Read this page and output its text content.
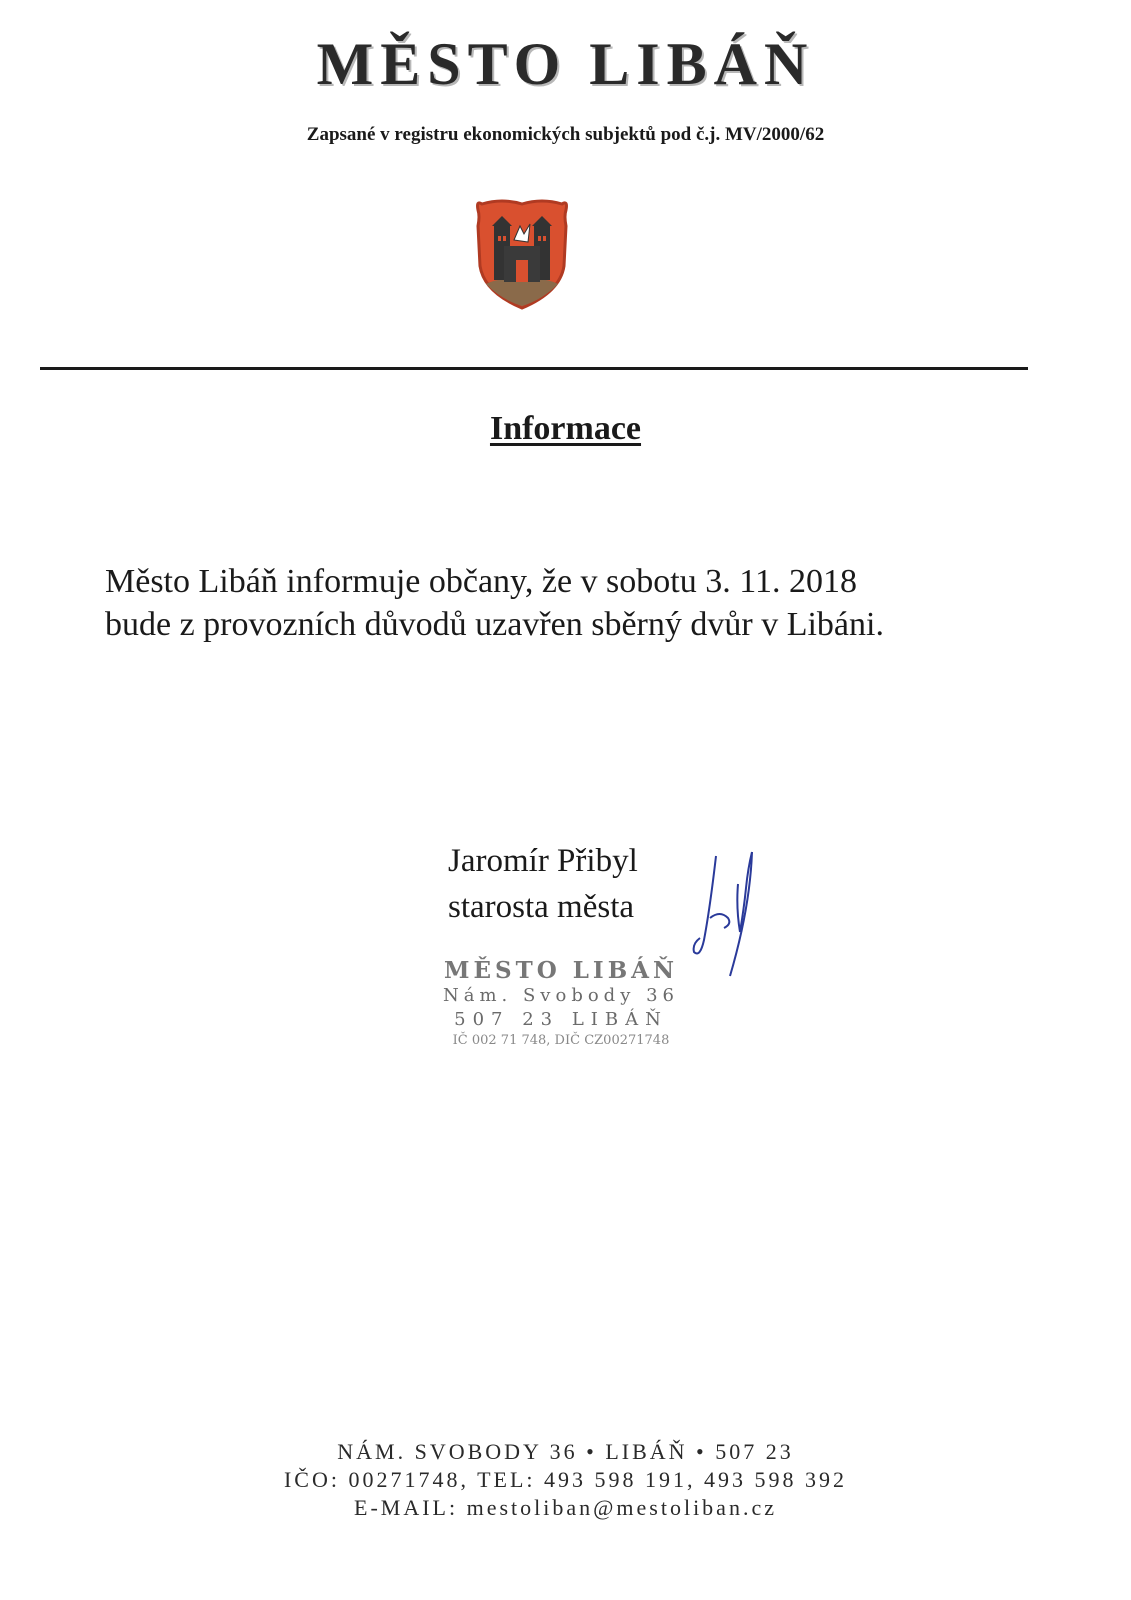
MĚSTO LIBÁŇ
Zapsané v registru ekonomických subjektů pod č.j. MV/2000/62
Informace
Město Libáň informuje občany, že v sobotu 3. 11. 2018
bude z provozních důvodů uzavřen sběrný dvůr v Libáni.
Jaromír Přibyl
starosta města
MĚSTO LIBÁŇ
Nám. Svobody 36
507 23 LIBÁŇ
IČ 002 71 748, DIČ CZ00271748
NÁM. SVOBODY 36 • LIBÁŇ • 507 23
IČO: 00271748, TEL: 493 598 191, 493 598 392
E-MAIL: mestoliban@mestoliban.cz
